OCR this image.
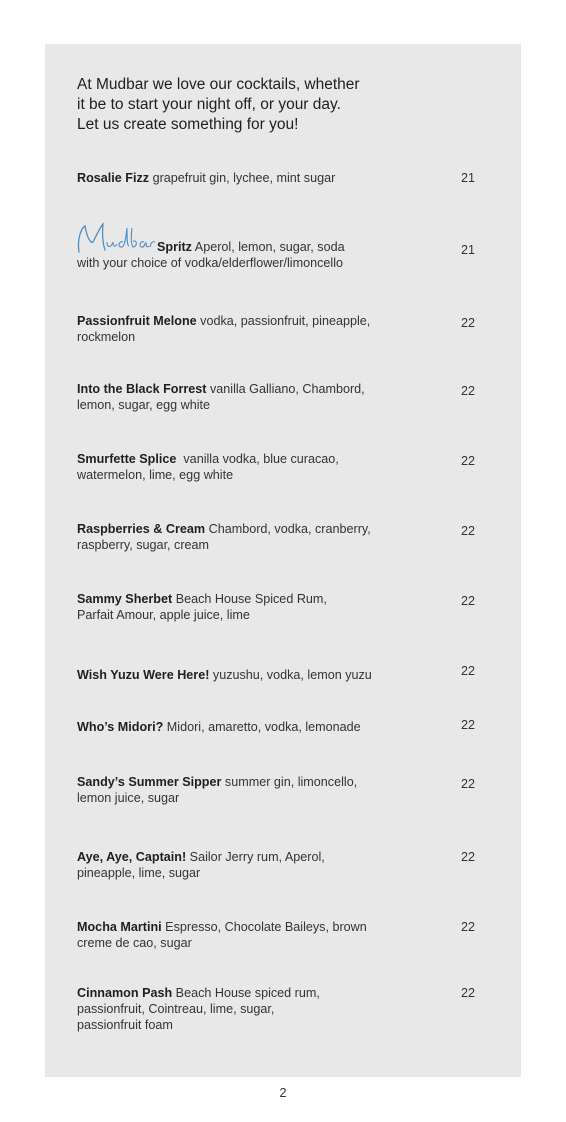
At Mudbar we love our cocktails, whether
it be to start your night off, or your day.
Let us create something for you!
Rosalie Fizz grapefruit gin, lychee, mint sugar	21
Spritz Aperol, lemon, sugar, soda
with your choice of vodka/elderflower/limoncello
21
Passionfruit Melone vodka, passionfruit, pineapple,
rockmelon
22
Into the Black Forrest vanilla Galliano, Chambord,
lemon, sugar, egg white
22
Smurfette Splice  vanilla vodka, blue curacao,
watermelon, lime, egg white
22
Raspberries & Cream Chambord, vodka, cranberry,
raspberry, sugar, cream
22
Sammy Sherbet Beach House Spiced Rum,
Parfait Amour, apple juice, lime
22
Wish Yuzu Were Here! yuzushu, vodka, lemon yuzu	22
Who’s Midori? Midori, amaretto, vodka, lemonade	22
Sandy’s Summer Sipper summer gin, limoncello,
lemon juice, sugar
22
Aye, Aye, Captain! Sailor Jerry rum, Aperol,
pineapple, lime, sugar
22
Mocha Martini Espresso, Chocolate Baileys, brown
creme de cao, sugar
22
Cinnamon Pash Beach House spiced rum,
passionfruit, Cointreau, lime, sugar,
passionfruit foam
22
2
